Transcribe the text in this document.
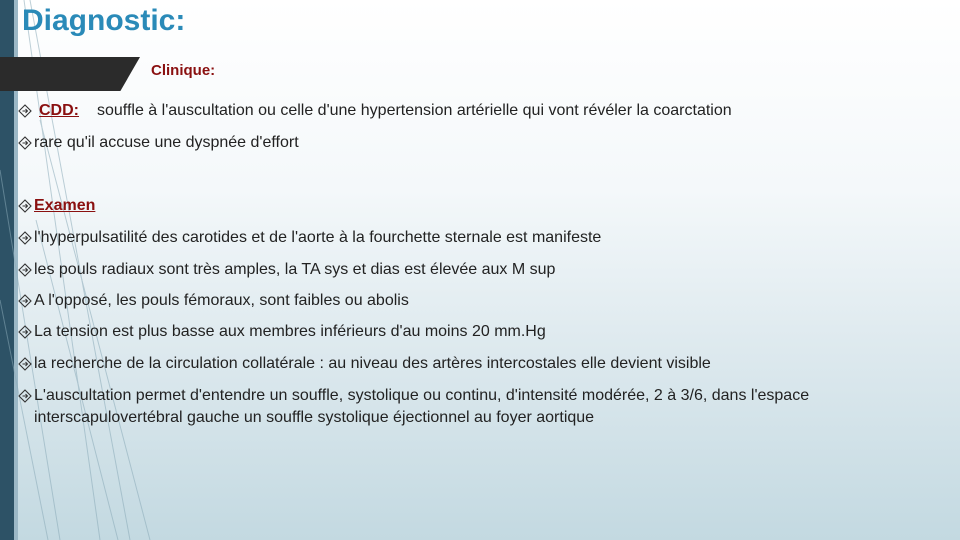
Diagnostic:
Clinique:
CDD: souffle à l'auscultation ou celle d'une hypertension artérielle qui vont révéler la coarctation
rare qu'il accuse une dyspnée d'effort
Examen
l'hyperpulsatilité des carotides et de l'aorte à la fourchette sternale est manifeste
les pouls radiaux sont très amples, la TA sys et dias est élevée aux M sup
A l'opposé, les pouls fémoraux, sont faibles ou abolis
La tension est plus basse aux membres inférieurs d'au moins 20 mm.Hg
la recherche de la circulation collatérale : au niveau des artères intercostales elle devient visible
L'auscultation permet d'entendre un souffle, systolique ou continu, d'intensité modérée, 2 à 3/6, dans l'espace interscapulovertébral gauche un souffle systolique éjectionnel au foyer aortique
